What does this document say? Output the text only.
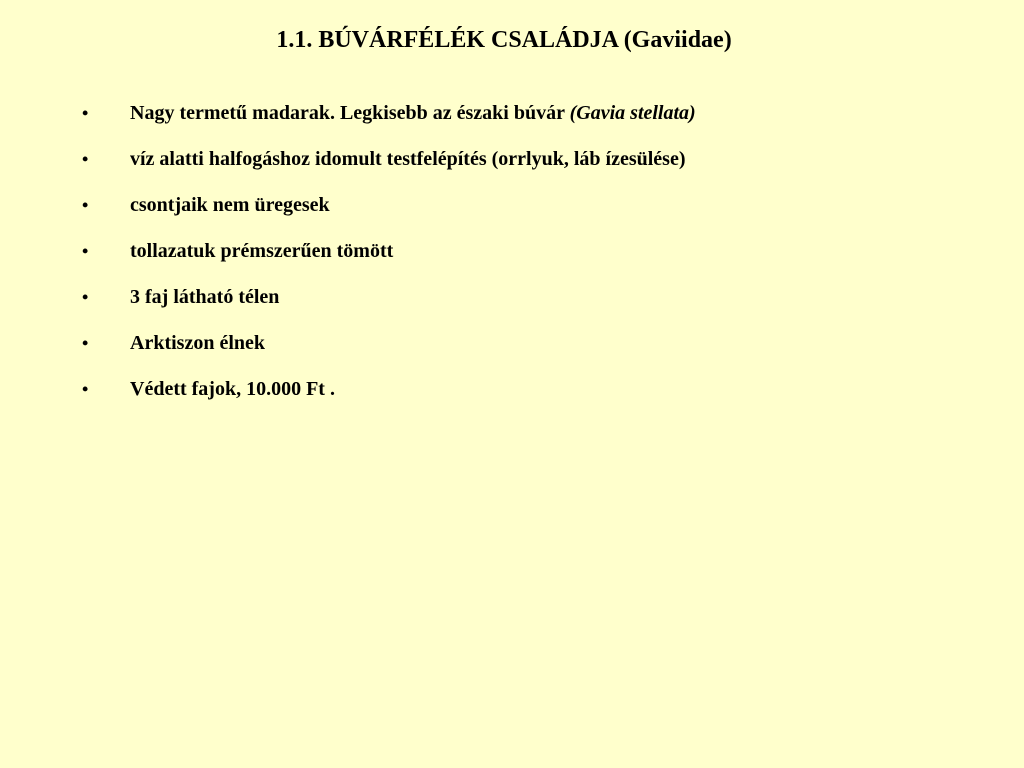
1.1. BÚVÁRFÉLÉK CSALÁDJA (Gaviidae)
• Nagy termetű madarak. Legkisebb az északi búvár (Gavia stellata)
• víz alatti halfogáshoz idomult testfelépítés (orrlyuk, láb ízesülése)
• csontjaik nem üregesek
• tollazatuk prémszerűen tömött
• 3 faj látható télen
• Arktiszon élnek
• Védett fajok, 10.000 Ft .
